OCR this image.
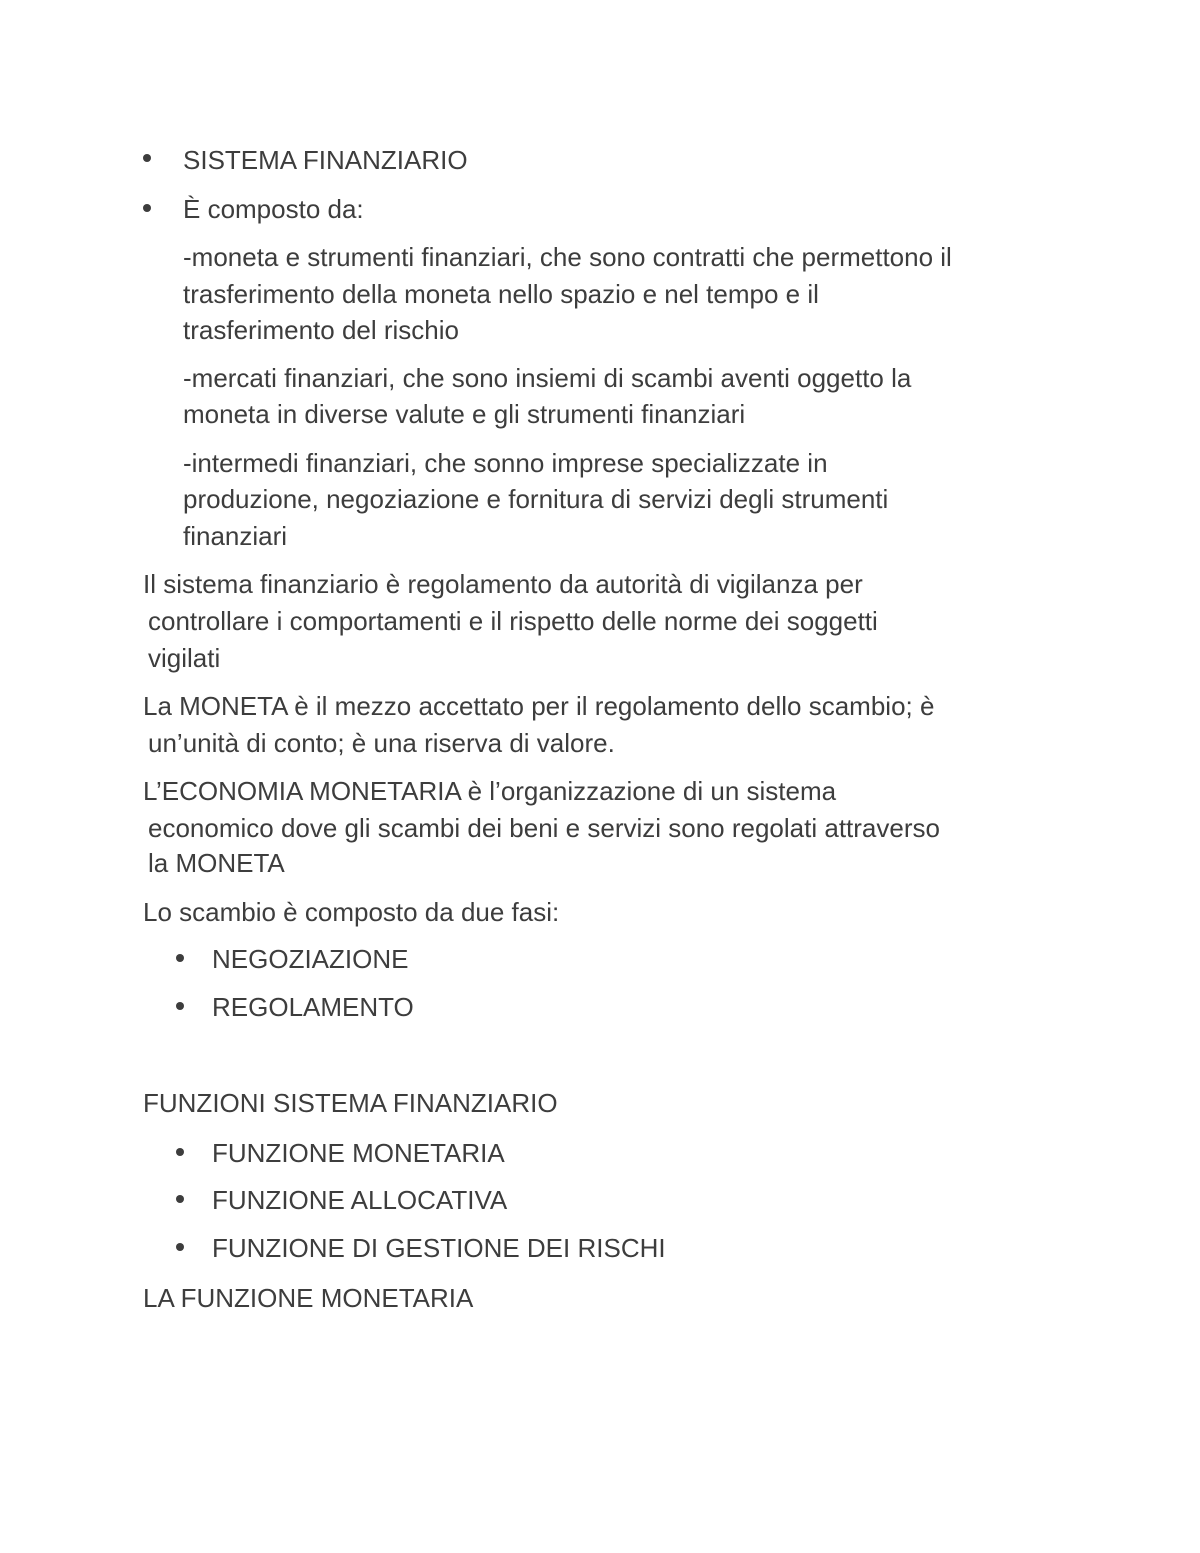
SISTEMA FINANZIARIO
È composto da:
-moneta e strumenti finanziari, che sono contratti che permettono il
trasferimento della moneta nello spazio e nel tempo e il
trasferimento del rischio
-mercati finanziari, che sono insiemi di scambi aventi oggetto la
moneta in diverse valute e gli strumenti finanziari
-intermedi finanziari, che sonno imprese specializzate in
produzione, negoziazione e fornitura di servizi degli strumenti
finanziari
Il sistema finanziario è regolamento da autorità di vigilanza per
controllare i comportamenti e il rispetto delle norme dei soggetti
vigilati
La MONETA è il mezzo accettato per il regolamento dello scambio; è
un’unità di conto; è una riserva di valore.
L’ECONOMIA MONETARIA è l’organizzazione di un sistema
economico dove gli scambi dei beni e servizi sono regolati attraverso
la MONETA
Lo scambio è composto da due fasi:
NEGOZIAZIONE
REGOLAMENTO
FUNZIONI SISTEMA FINANZIARIO
FUNZIONE MONETARIA
FUNZIONE ALLOCATIVA
FUNZIONE DI GESTIONE DEI RISCHI
LA FUNZIONE MONETARIA
